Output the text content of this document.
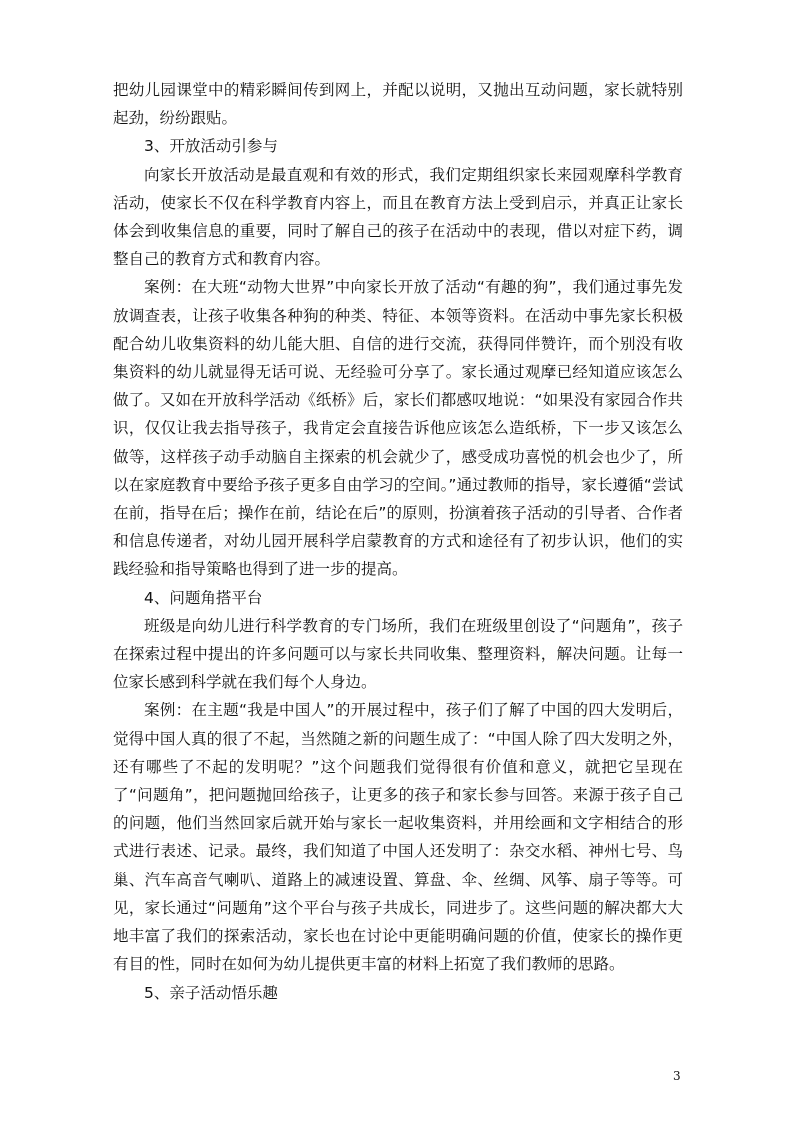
把幼儿园课堂中的精彩瞬间传到网上，并配以说明，又抛出互动问题，家长就特别起劲，纷纷跟贴。

3、开放活动引参与

向家长开放活动是最直观和有效的形式，我们定期组织家长来园观摩科学教育活动，使家长不仅在科学教育内容上，而且在教育方法上受到启示，并真正让家长体会到收集信息的重要，同时了解自己的孩子在活动中的表现，借以对症下药，调整自己的教育方式和教育内容。

案例：在大班“动物大世界”中向家长开放了活动“有趣的狗”，我们通过事先发放调查表，让孩子收集各种狗的种类、特征、本领等资料。在活动中事先家长积极配合幼儿收集资料的幼儿能大胆、自信的进行交流，获得同伴赞许，而个别没有收集资料的幼儿就显得无话可说、无经验可分享了。家长通过观摩已经知道应该怎么做了。又如在开放科学活动《纸桥》后，家长们都感叹地说：“如果没有家园合作共识，仅仅让我去指导孩子，我肯定会直接告诉他应该怎么造纸桥，下一步又该怎么做等，这样孩子动手动脑自主探索的机会就少了，感受成功喜悦的机会也少了，所以在家庭教育中要给予孩子更多自由学习的空间。”通过教师的指导，家长遵循“尝试在前，指导在后；操作在前，结论在后”的原则，扮演着孩子活动的引导者、合作者和信息传递者，对幼儿园开展科学启蒙教育的方式和途径有了初步认识，他们的实践经验和指导策略也得到了进一步的提高。

4、问题角搭平台

班级是向幼儿进行科学教育的专门场所，我们在班级里创设了“问题角”，孩子在探索过程中提出的许多问题可以与家长共同收集、整理资料，解决问题。让每一位家长感到科学就在我们每个人身边。

案例：在主题“我是中国人”的开展过程中，孩子们了解了中国的四大发明后，觉得中国人真的很了不起，当然随之新的问题生成了：“中国人除了四大发明之外，还有哪些了不起的发明呢？”这个问题我们觉得很有价值和意义，就把它呈现在了“问题角”，把问题抛回给孩子，让更多的孩子和家长参与回答。来源于孩子自己的问题，他们当然回家后就开始与家长一起收集资料，并用绘画和文字相结合的形式进行表述、记录。最终，我们知道了中国人还发明了：杂交水稻、神州七号、鸟巢、汽车高音气喇叭、道路上的减速设置、算盘、伞、丝绸、风筝、扇子等等。可见，家长通过“问题角”这个平台与孩子共成长，同进步了。这些问题的解决都大大地丰富了我们的探索活动，家长也在讨论中更能明确问题的价值，使家长的操作更有目的性，同时在如何为幼儿提供更丰富的材料上拓宽了我们教师的思路。

5、亲子活动悟乐趣

3
